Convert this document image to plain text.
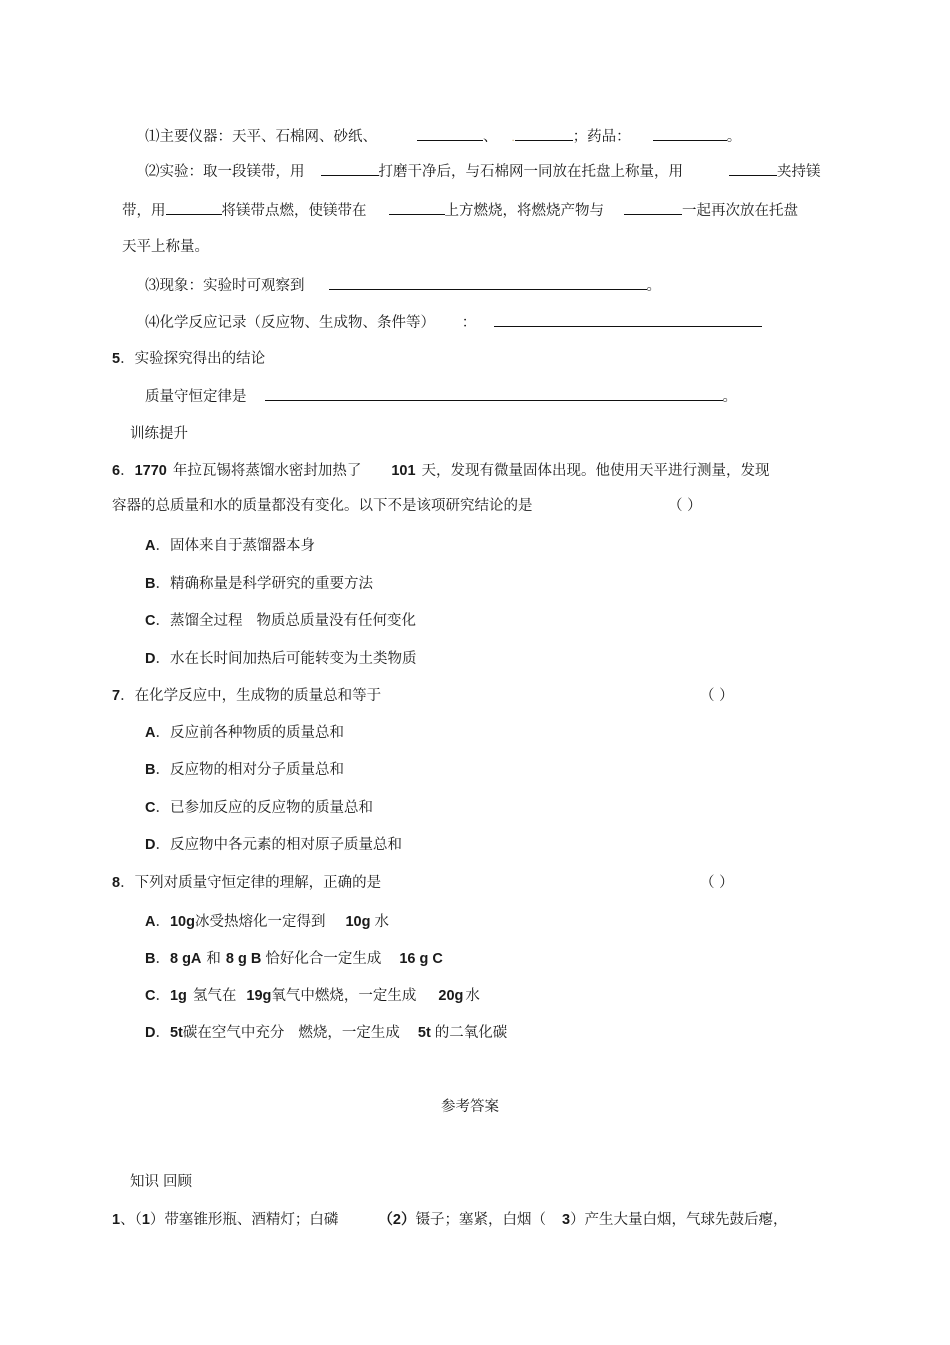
⑴主要仪器：天平、石棉网、砂纸、	、 .	；药品：	。
⑵实验：取一段镁带，用	打磨干净后，与石棉网一同放在托盘上称量，用	夹持镁
带，用	将镁带点燃，使镁带在	上方燃烧，将燃烧产物与	一起再次放在托盘
天平上称量。
⑶现象：实验时可观察到	。
⑷化学反应记录（反应物、生成物、条件等） ：
5．实验探究得出的结论
质量守恒定律是	。
训练提升
6．1770 年拉瓦锡将蒸馏水密封加热了 101 天，发现有微量固体出现。他使用天平进行测量，发现
容器的总质量和水的质量都没有变化。以下不是该项研究结论的是	（ ）
A．固体来自于蒸馏器本身
B．精确称量是科学研究的重要方法
C．蒸馏全过程 物质总质量没有任何变化
D．水在长时间加热后可能转变为土类物质
7．在化学反应中，生成物的质量总和等于	（ ）
A．反应前各种物质的质量总和
B．反应物的相对分子质量总和
C．已参加反应的反应物的质量总和
D．反应物中各元素的相对原子质量总和
8．下列对质量守恒定律的理解，正确的是	（ ）
A．10g冰受热熔化一定得到 10g 水
B．8 gA 和 8 g B 恰好化合一定生成 16 g C
C．1g 氢气在 19g氧气中燃烧，一定生成 20g 水
D．5t碳在空气中充分 燃烧，一定生成 5t 的二氧化碳
参考答案
知识 回顾
1、（1）带塞锥形瓶、酒精灯；白磷	（2）镊子；塞紧，白烟（ 3）产生大量白烟，气球先鼓后瘪，
